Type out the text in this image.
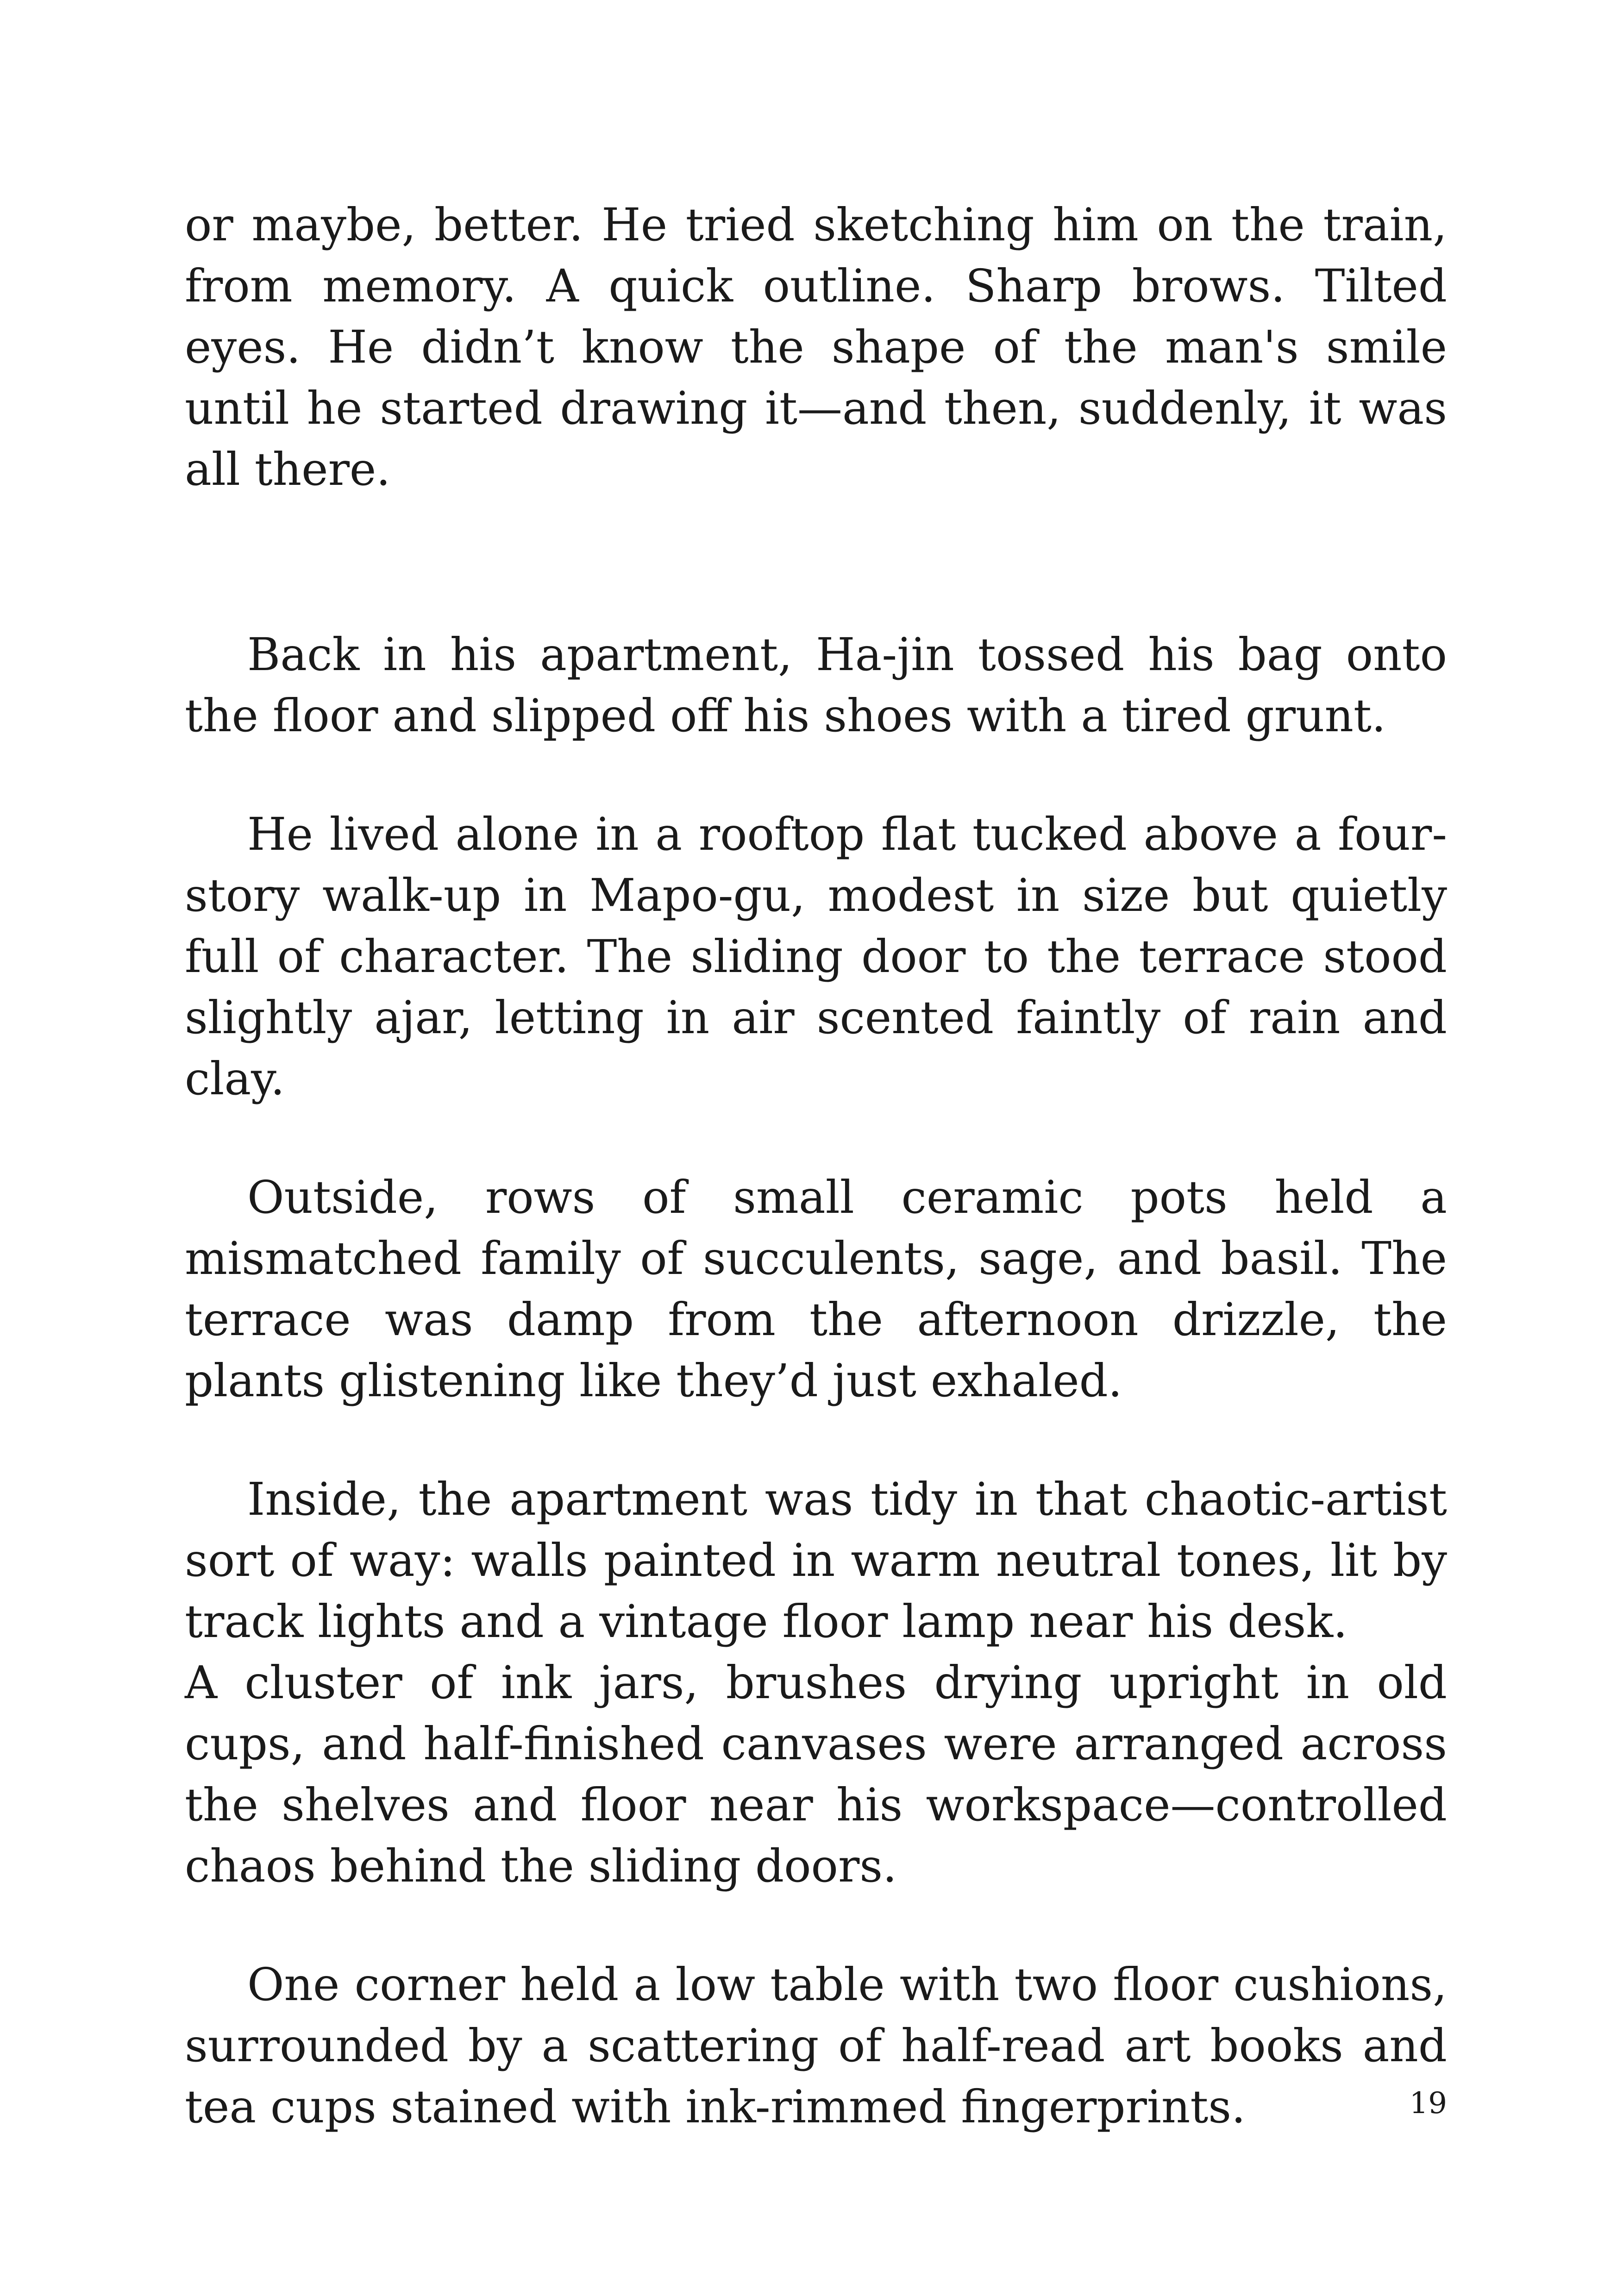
or maybe, better. He tried sketching him on the train, from memory. A quick outline. Sharp brows. Tilted eyes. He didn’t know the shape of the man's smile until he started drawing it—and then, suddenly, it was all there.

Back in his apartment, Ha-jin tossed his bag onto the floor and slipped off his shoes with a tired grunt.

He lived alone in a rooftop flat tucked above a four-story walk-up in Mapo-gu, modest in size but quietly full of character. The sliding door to the terrace stood slightly ajar, letting in air scented faintly of rain and clay.

Outside, rows of small ceramic pots held a mismatched family of succulents, sage, and basil. The terrace was damp from the afternoon drizzle, the plants glistening like they’d just exhaled.

Inside, the apartment was tidy in that chaotic-artist sort of way: walls painted in warm neutral tones, lit by track lights and a vintage floor lamp near his desk.

A cluster of ink jars, brushes drying upright in old cups, and half-finished canvases were arranged across the shelves and floor near his workspace—controlled chaos behind the sliding doors.

One corner held a low table with two floor cushions, surrounded by a scattering of half-read art books and tea cups stained with ink-rimmed fingerprints.	19
